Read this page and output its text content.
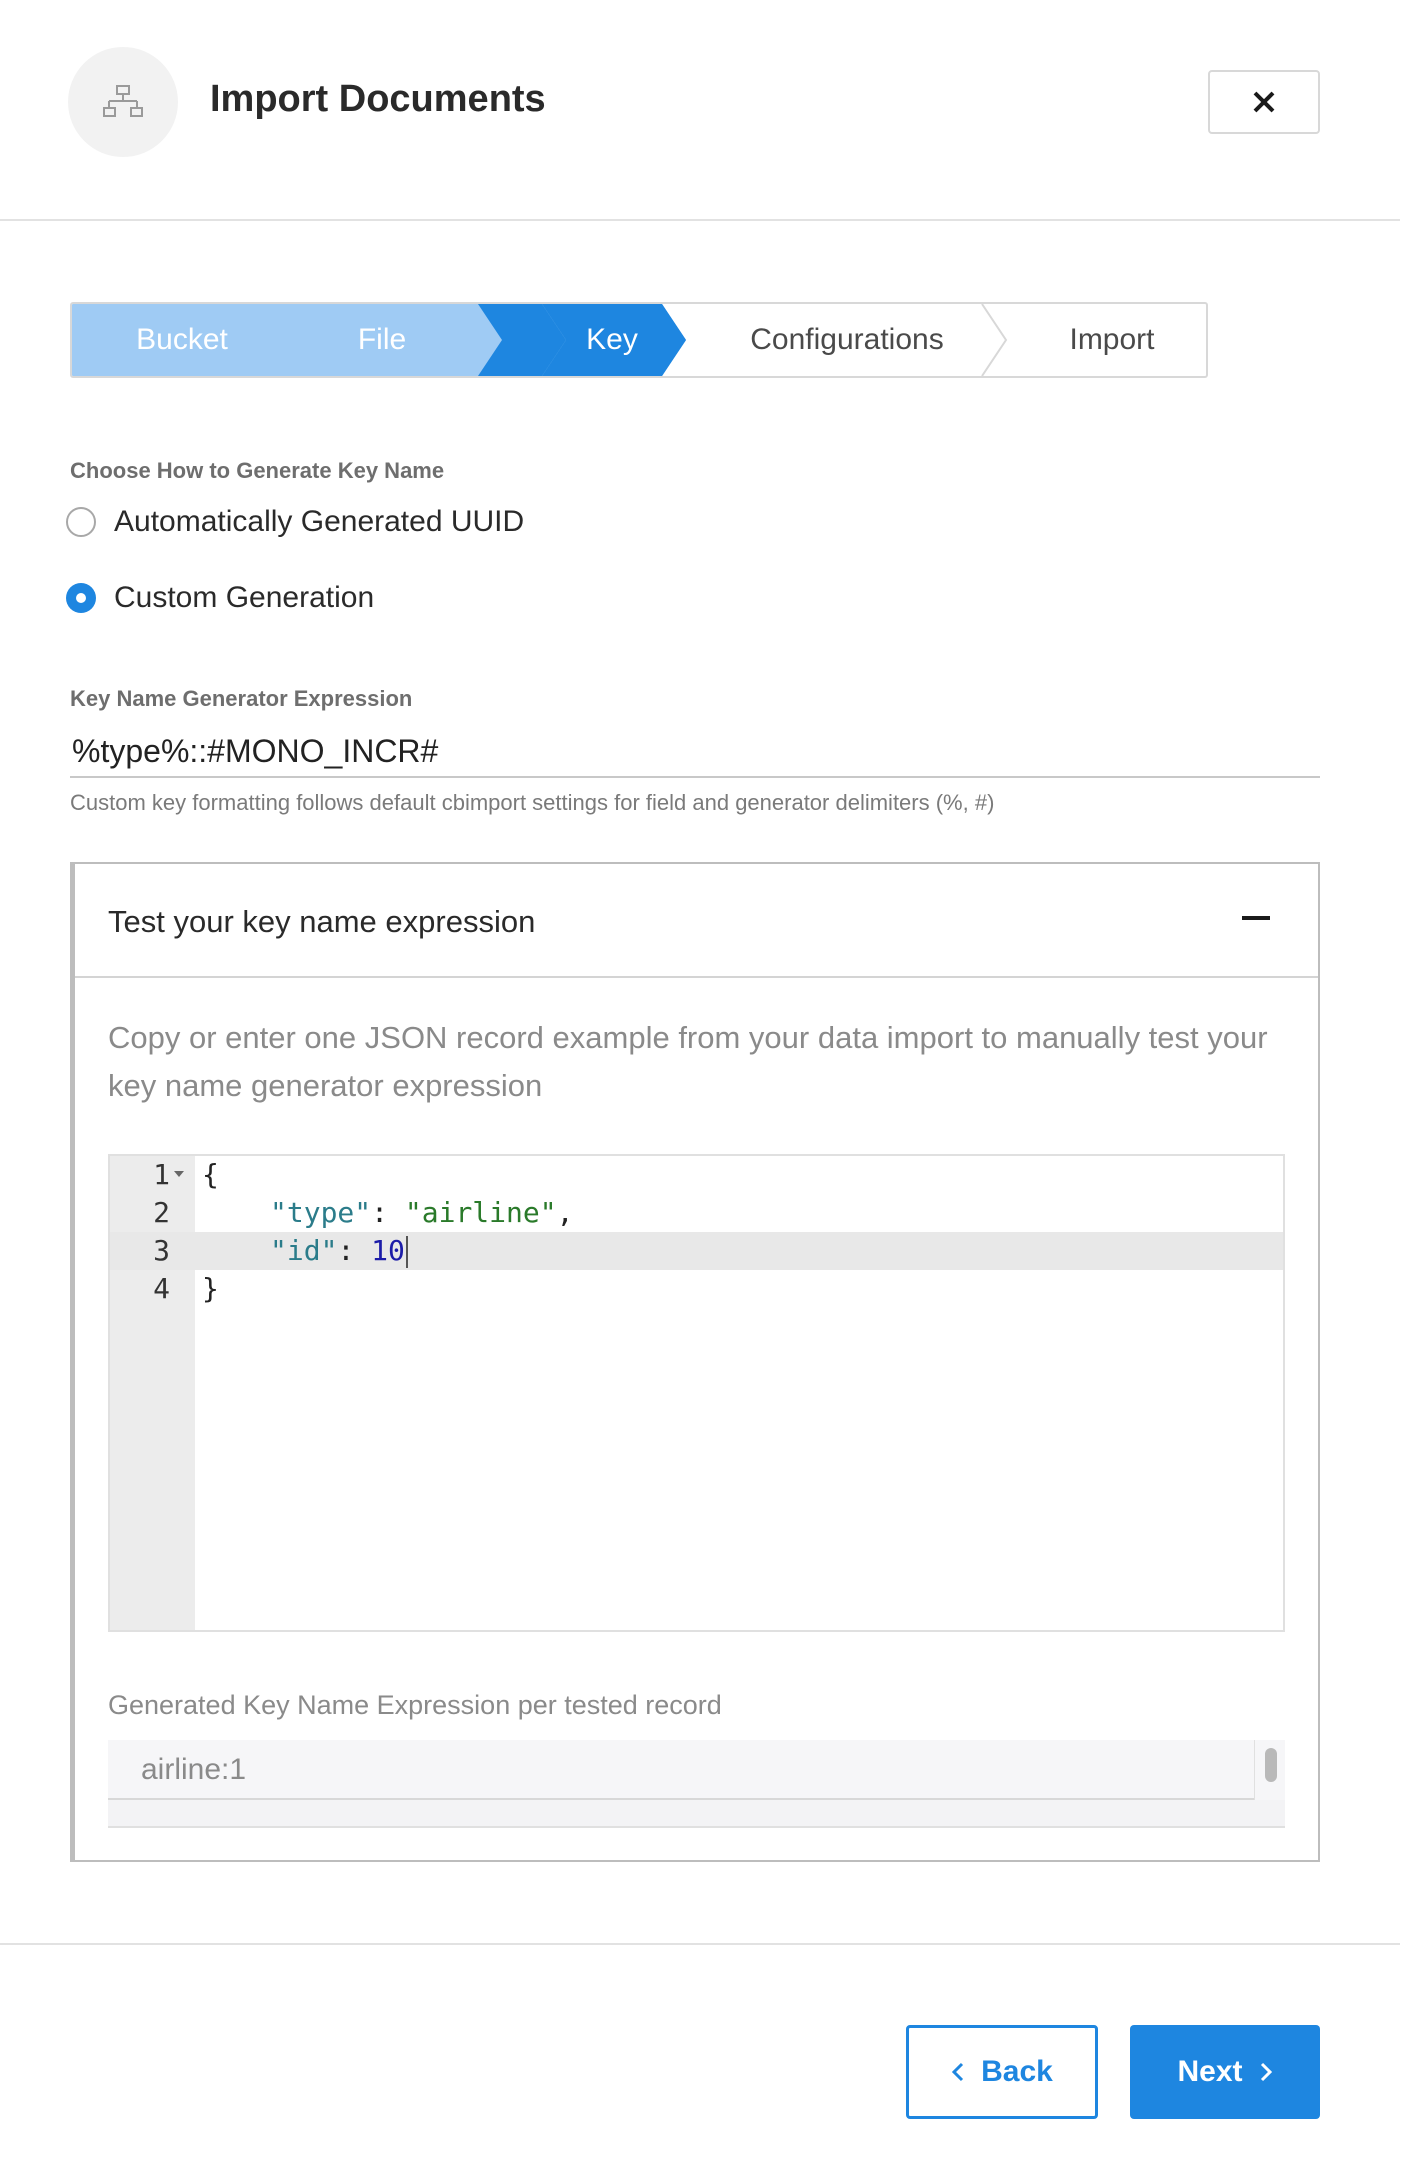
Import Documents
Bucket	File	Key	Configurations	Import
Choose How to Generate Key Name
Automatically Generated UUID
Custom Generation
Key Name Generator Expression
%type%::#MONO_INCR#
Custom key formatting follows default cbimport settings for field and generator delimiters (%, #)
Test your key name expression
Copy or enter one JSON record example from your data import to manually test your key name generator expression
1 {
2	"type": "airline",
3	"id": 10
4 }
Generated Key Name Expression per tested record
airline:1
Back	Next
